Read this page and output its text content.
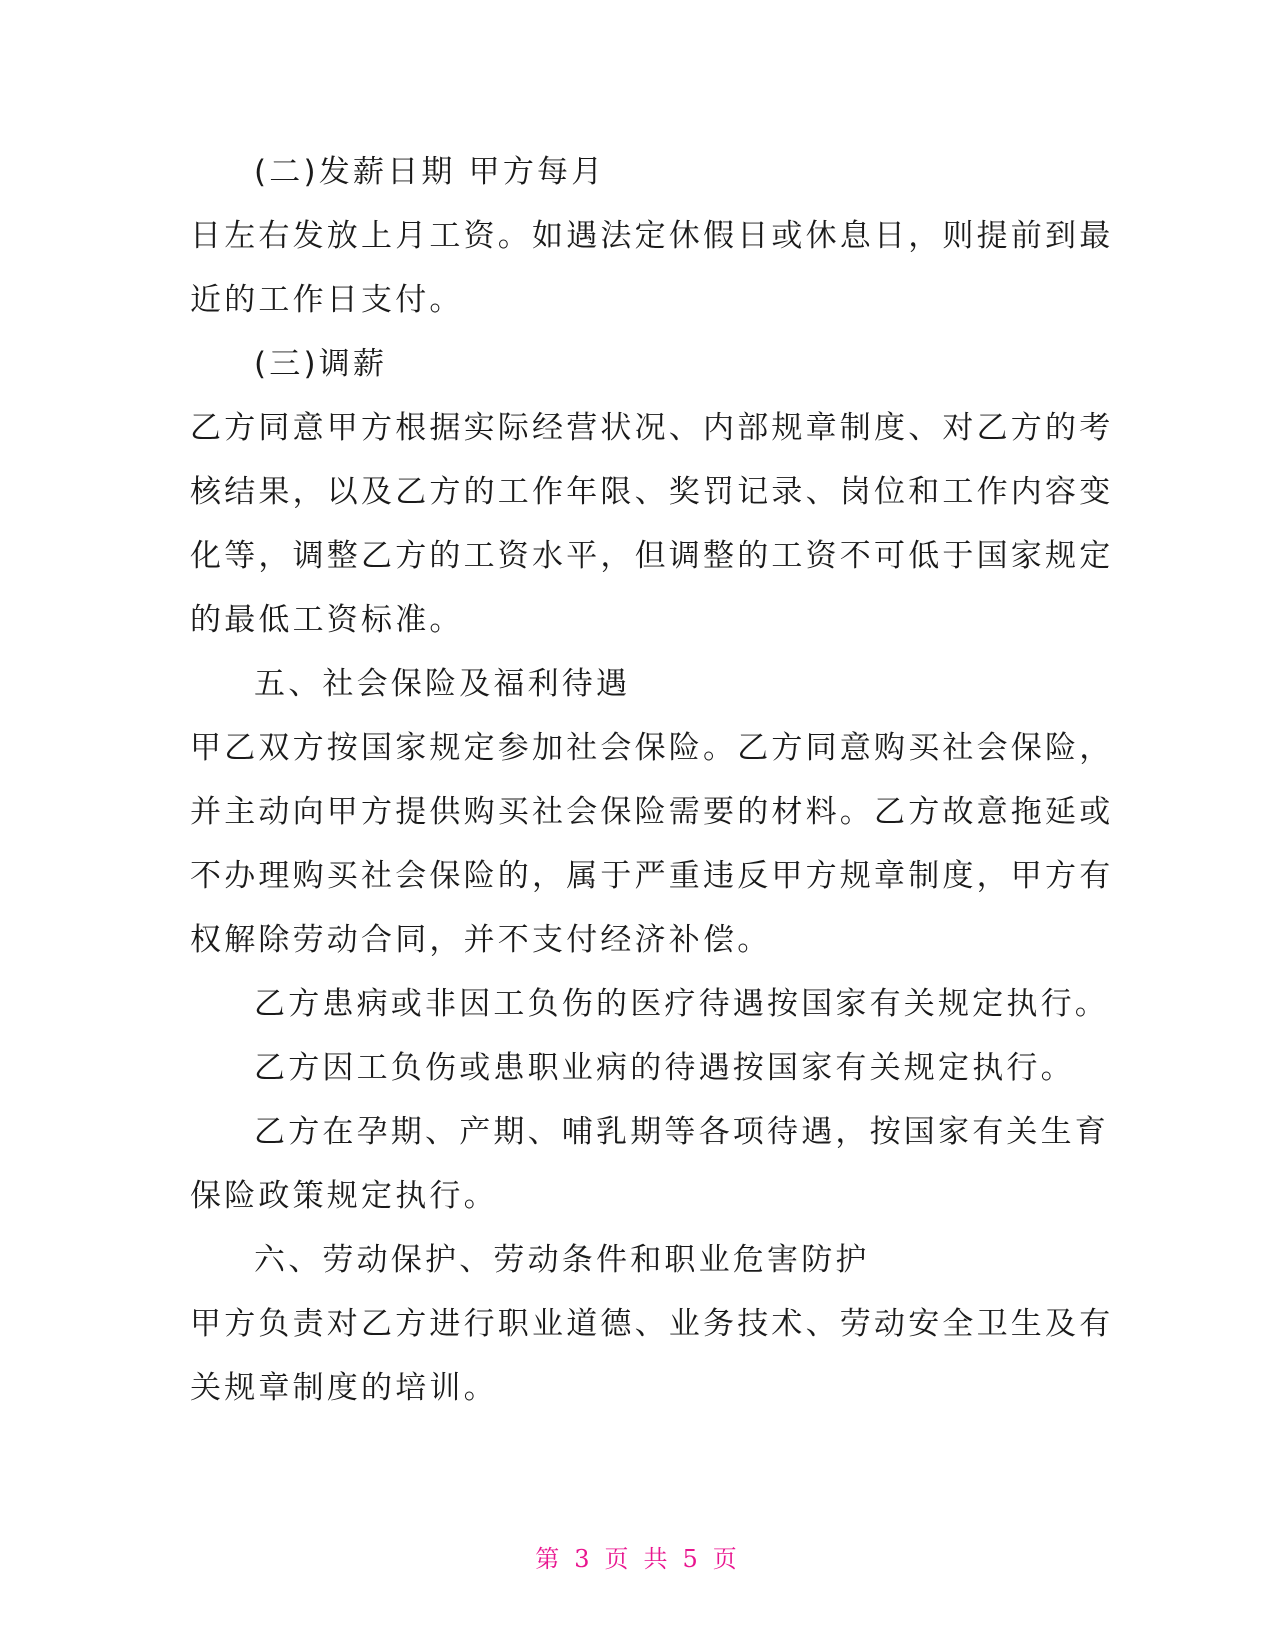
(二)发薪日期 甲方每月
日左右发放上月工资。如遇法定休假日或休息日，则提前到最
近的工作日支付。
(三)调薪
乙方同意甲方根据实际经营状况、内部规章制度、对乙方的考
核结果，以及乙方的工作年限、奖罚记录、岗位和工作内容变
化等，调整乙方的工资水平，但调整的工资不可低于国家规定
的最低工资标准。
五、社会保险及福利待遇
甲乙双方按国家规定参加社会保险。乙方同意购买社会保险，
并主动向甲方提供购买社会保险需要的材料。乙方故意拖延或
不办理购买社会保险的，属于严重违反甲方规章制度，甲方有
权解除劳动合同，并不支付经济补偿。
乙方患病或非因工负伤的医疗待遇按国家有关规定执行。
乙方因工负伤或患职业病的待遇按国家有关规定执行。
乙方在孕期、产期、哺乳期等各项待遇，按国家有关生育
保险政策规定执行。
六、劳动保护、劳动条件和职业危害防护
甲方负责对乙方进行职业道德、业务技术、劳动安全卫生及有
关规章制度的培训。
第 3 页 共 5 页
